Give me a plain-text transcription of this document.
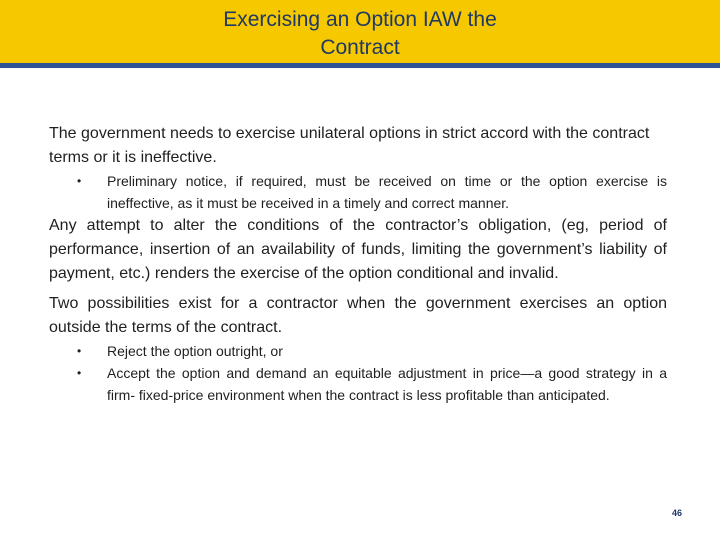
Exercising an Option IAW the
Contract

The government needs to exercise unilateral options in strict accord with the contract terms or it is ineffective.

• Preliminary notice, if required, must be received on time or the option exercise is ineffective, as it must be received in a timely and correct manner.

Any attempt to alter the conditions of the contractor’s obligation, (eg, period of performance, insertion of an availability of funds, limiting the government’s liability of payment, etc.) renders the exercise of the option conditional and invalid.

Two possibilities exist for a contractor when the government exercises an option outside the terms of the contract.

• Reject the option outright, or
• Accept the option and demand an equitable adjustment in price—a good strategy in a firm- fixed-price environment when the contract is less profitable than anticipated.
46
